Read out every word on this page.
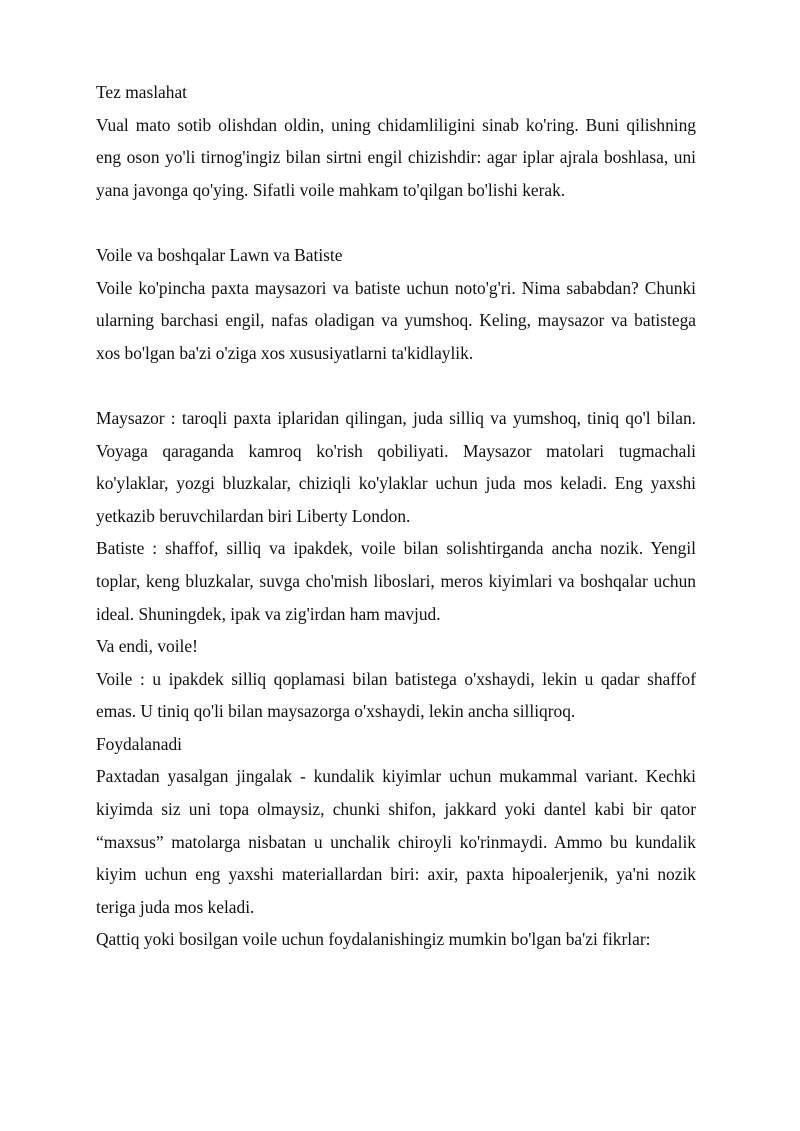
Tez maslahat

Vual mato sotib olishdan oldin, uning chidamliligini sinab ko'ring. Buni qilishning eng oson yo'li tirnog'ingiz bilan sirtni engil chizishdir: agar iplar ajrala boshlasa, uni yana javonga qo'ying. Sifatli voile mahkam to'qilgan bo'lishi kerak.

Voile va boshqalar Lawn va Batiste

Voile ko'pincha paxta maysazori va batiste uchun noto'g'ri. Nima sababdan? Chunki ularning barchasi engil, nafas oladigan va yumshoq. Keling, maysazor va batistega xos bo'lgan ba'zi o'ziga xos xususiyatlarni ta'kidlaylik.

Maysazor : taroqli paxta iplaridan qilingan, juda silliq va yumshoq, tiniq qo'l bilan. Voyaga qaraganda kamroq ko'rish qobiliyati. Maysazor matolari tugmachali ko'ylaklar, yozgi bluzkalar, chiziqli ko'ylaklar uchun juda mos keladi. Eng yaxshi yetkazib beruvchilardan biri Liberty London.

Batiste : shaffof, silliq va ipakdek, voile bilan solishtirganda ancha nozik. Yengil toplar, keng bluzkalar, suvga cho'mish liboslari, meros kiyimlari va boshqalar uchun ideal. Shuningdek, ipak va zig'irdan ham mavjud.

Va endi, voile!

Voile : u ipakdek silliq qoplamasi bilan batistega o'xshaydi, lekin u qadar shaffof emas. U tiniq qo'li bilan maysazorga o'xshaydi, lekin ancha silliqroq.

Foydalanadi

Paxtadan yasalgan jingalak - kundalik kiyimlar uchun mukammal variant. Kechki kiyimda siz uni topa olmaysiz, chunki shifon, jakkard yoki dantel kabi bir qator “maxsus” matolarga nisbatan u unchalik chiroyli ko'rinmaydi. Ammo bu kundalik kiyim uchun eng yaxshi materiallardan biri: axir, paxta hipoalerjenik, ya'ni nozik teriga juda mos keladi.

Qattiq yoki bosilgan voile uchun foydalanishingiz mumkin bo'lgan ba'zi fikrlar:
